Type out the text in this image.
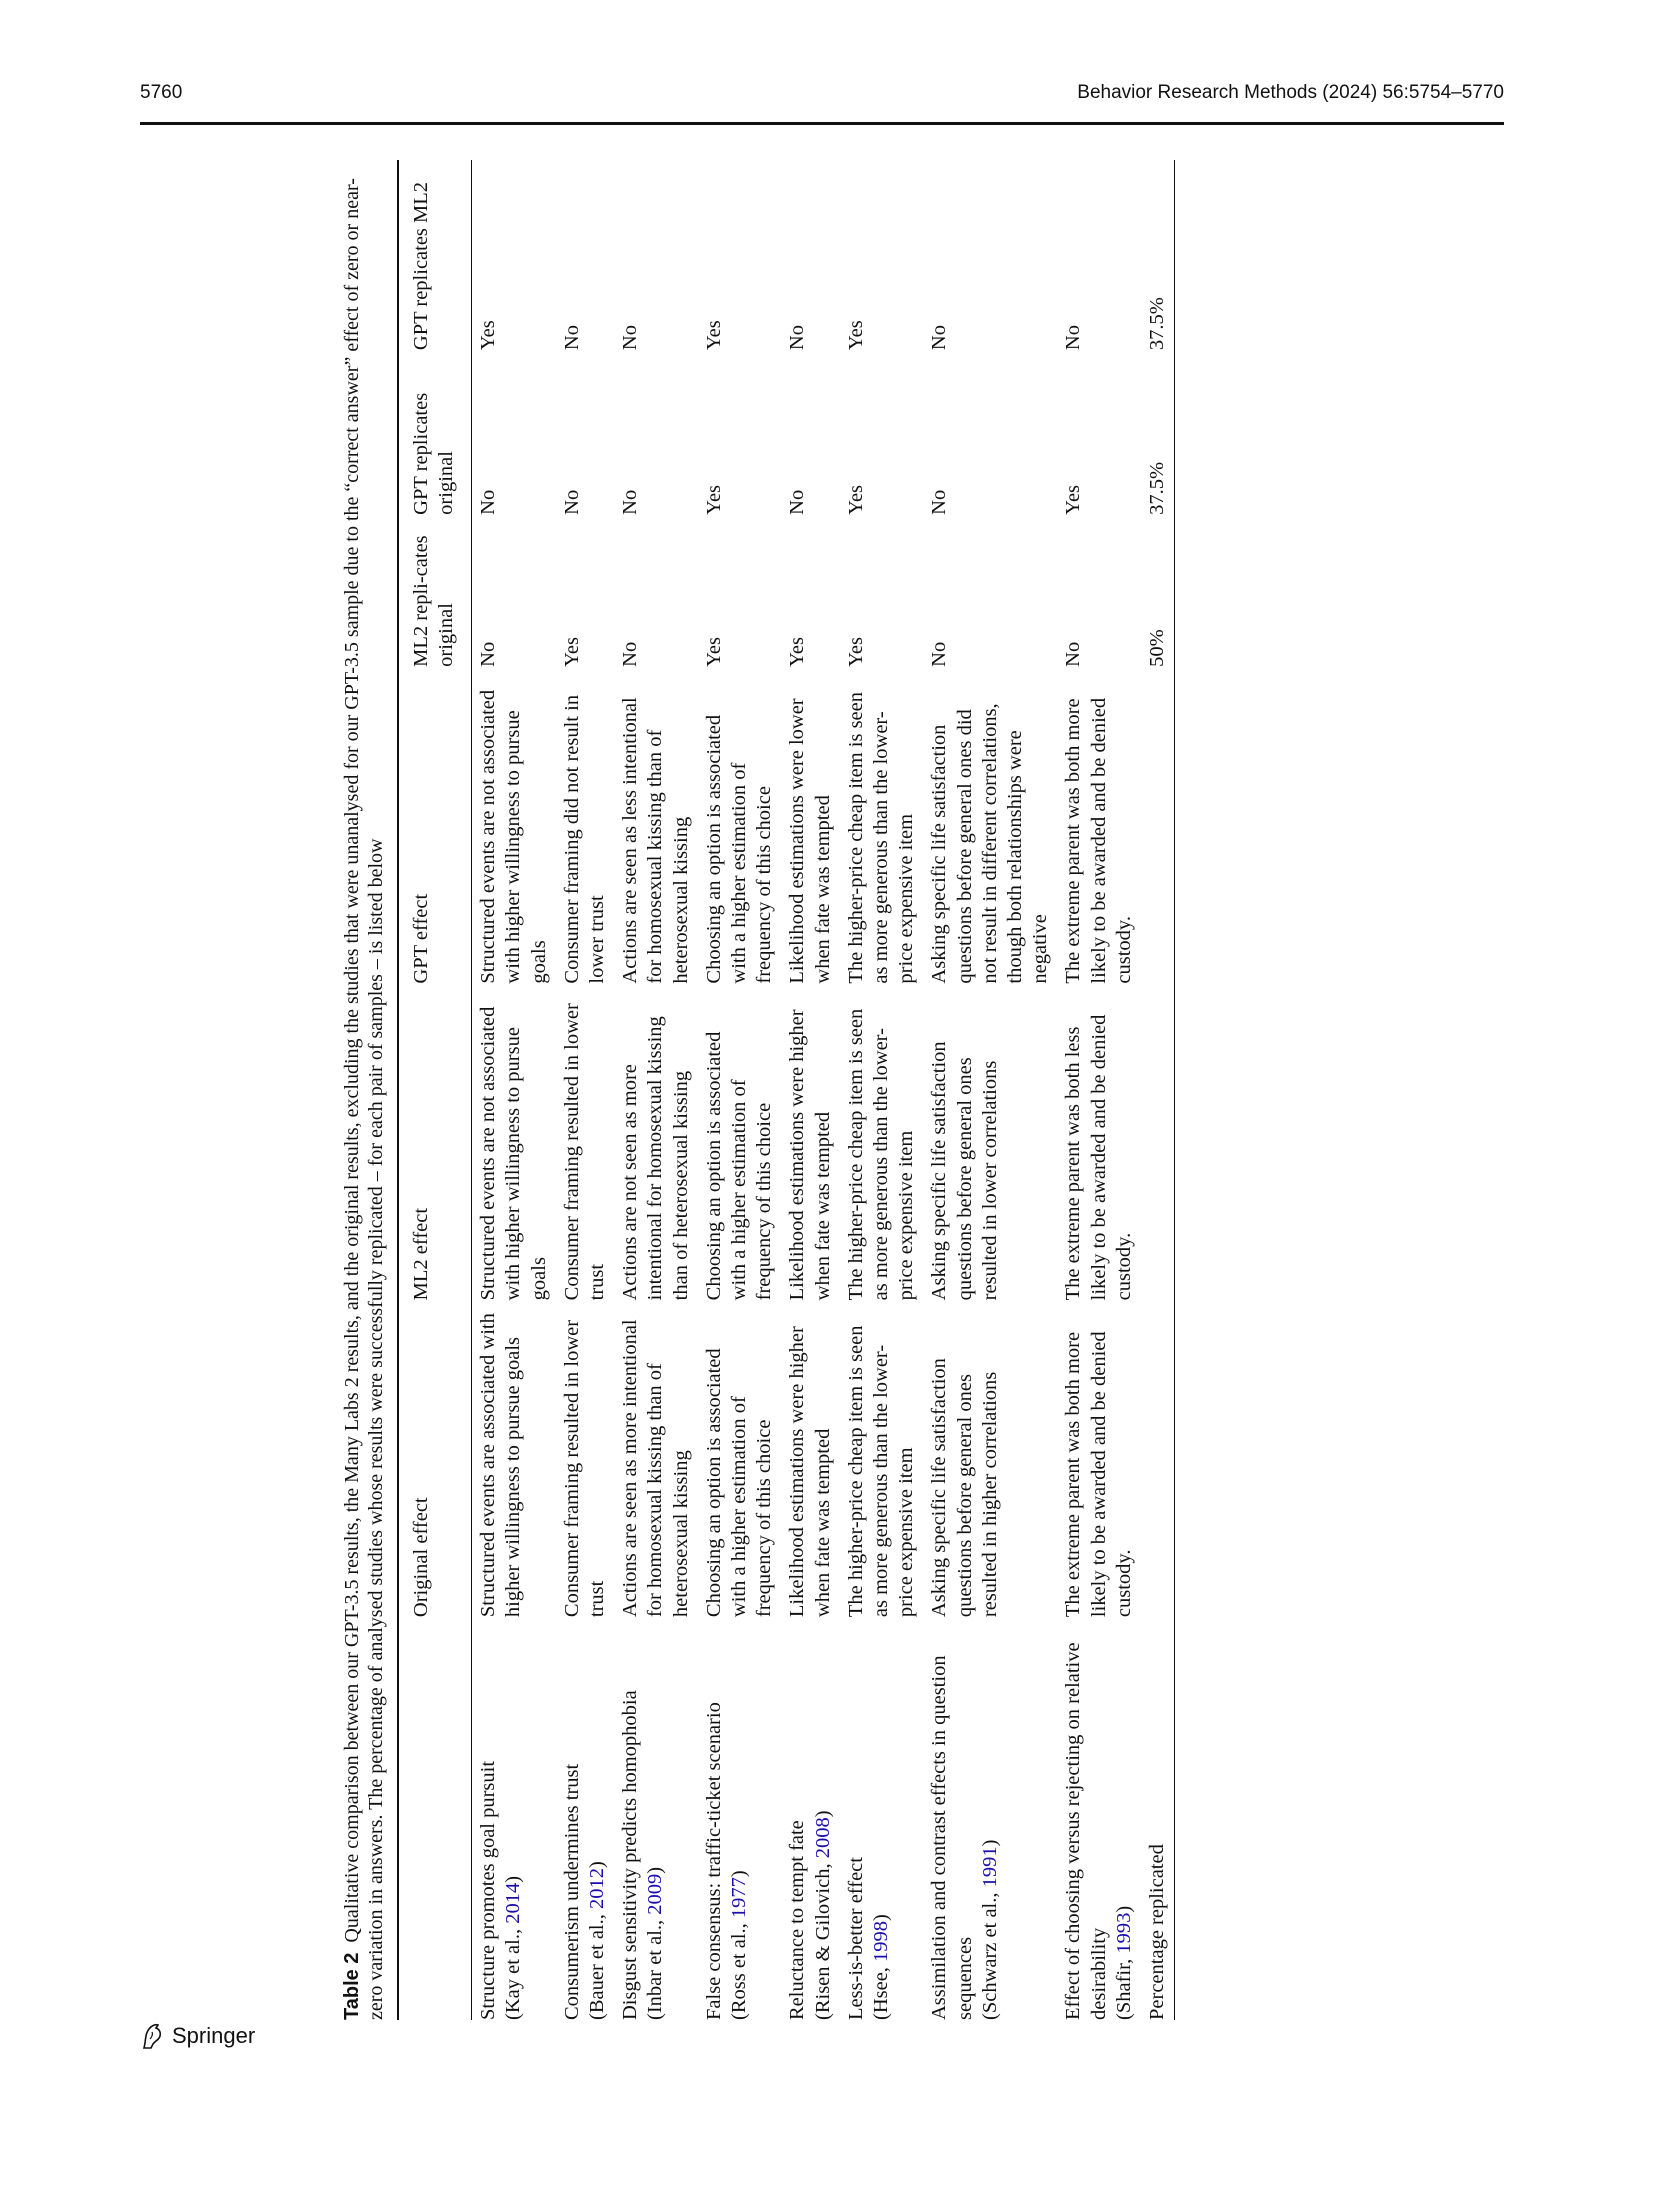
5760	Behavior Research Methods (2024) 56:5754–5770

Table 2  Qualitative comparison between our GPT-3.5 results, the Many Labs 2 results, and the original results, excluding the studies that were unanalysed for our GPT-3.5 sample due to the “correct answer” effect of zero or near-zero variation in answers. The percentage of analysed studies whose results were successfully replicated – for each pair of samples – is listed below

	Original effect	ML2 effect	GPT effect	ML2 repli-cates original	GPT replicates original	GPT replicates ML2

Structure promotes goal pursuit (Kay et al., 2014)	Structured events are associated with higher willingness to pursue goals	Structured events are not associated with higher willingness to pursue goals	Structured events are not associated with higher willingness to pursue goals	No	No	Yes

Consumerism undermines trust (Bauer et al., 2012)	Consumer framing resulted in lower trust	Consumer framing resulted in lower trust	Consumer framing did not result in lower trust	Yes	No	No

Disgust sensitivity predicts homophobia (Inbar et al., 2009)	Actions are seen as more intentional for homosexual kissing than of heterosexual kissing	Actions are not seen as more intentional for homosexual kissing than of heterosexual kissing	Actions are seen as less intentional for homosexual kissing than of heterosexual kissing	No	No	No

False consensus: traffic-ticket scenario (Ross et al., 1977)	Choosing an option is associated with a higher estimation of frequency of this choice	Choosing an option is associated with a higher estimation of frequency of this choice	Choosing an option is associated with a higher estimation of frequency of this choice	Yes	Yes	Yes

Reluctance to tempt fate (Risen & Gilovich, 2008)	Likelihood estimations were higher when fate was tempted	Likelihood estimations were higher when fate was tempted	Likelihood estimations were lower when fate was tempted	Yes	No	No

Less-is-better effect (Hsee, 1998)	The higher-price cheap item is seen as more generous than the lower-price expensive item	The higher-price cheap item is seen as more generous than the lower-price expensive item	The higher-price cheap item is seen as more generous than the lower-price expensive item	Yes	Yes	Yes

Assimilation and contrast effects in question sequences (Schwarz et al., 1991)	Asking specific life satisfaction questions before general ones resulted in higher correlations	Asking specific life satisfaction questions before general ones resulted in lower correlations	Asking specific life satisfaction questions before general ones did not result in different correlations, though both relationships were negative	No	No	No

Effect of choosing versus rejecting on relative desirability (Shafir, 1993)	The extreme parent was both more likely to be awarded and be denied custody.	The extreme parent was both less likely to be awarded and be denied custody.	The extreme parent was both more likely to be awarded and be denied custody.	No	Yes	No
Percentage replicated				50%	37.5%	37.5%
Springer
